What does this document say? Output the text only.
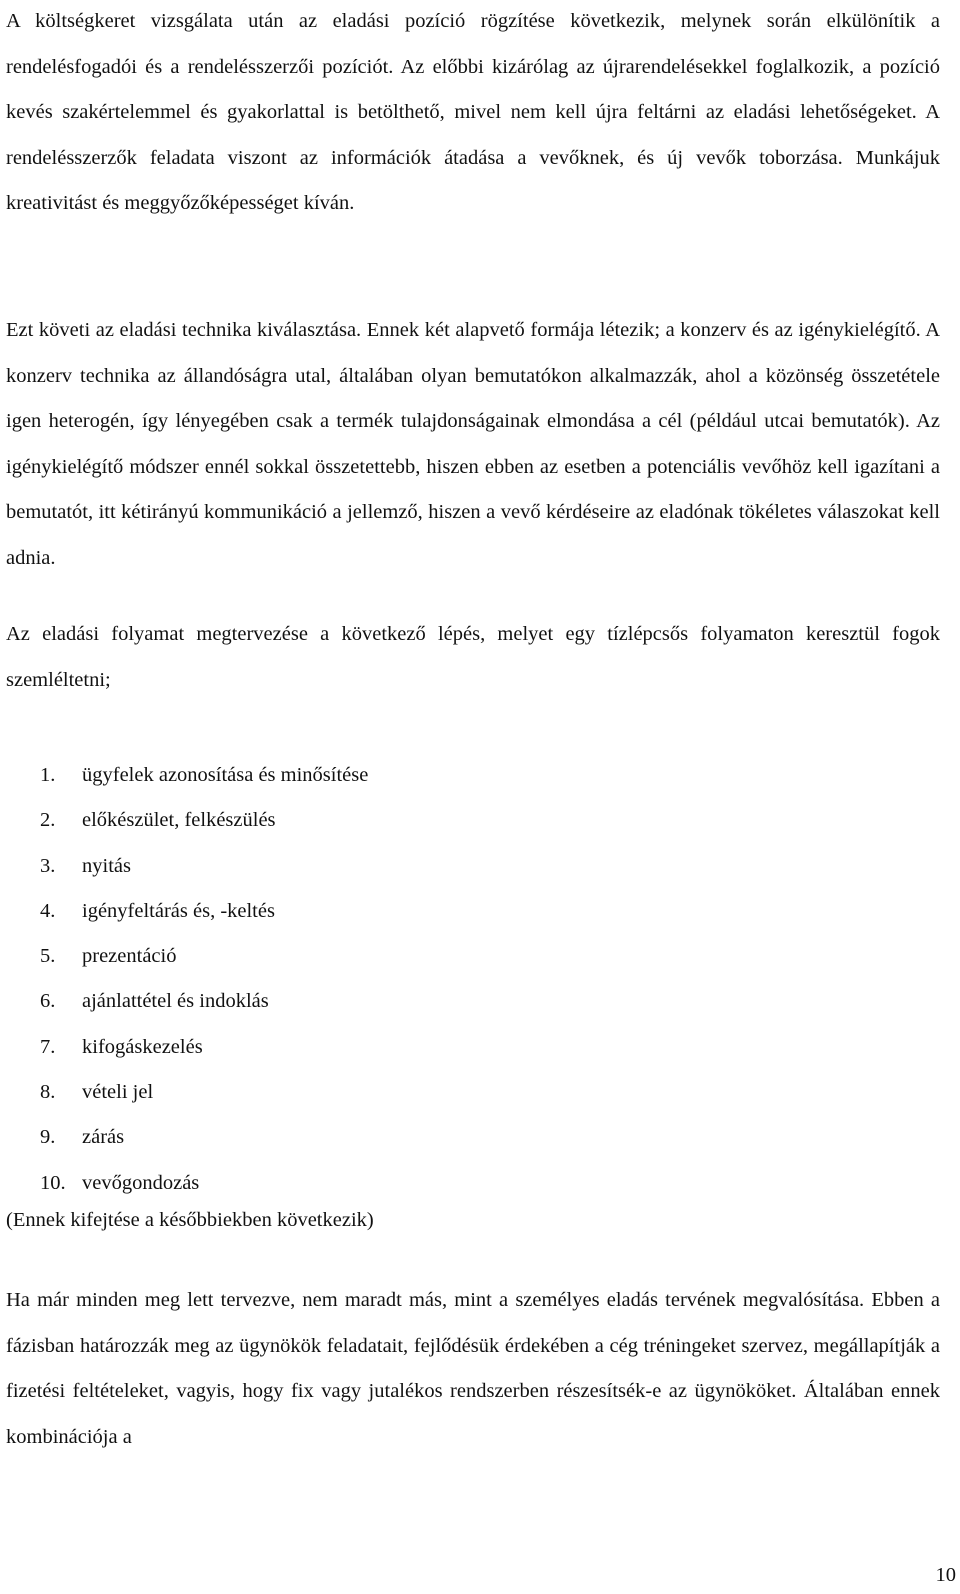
A költségkeret vizsgálata után az eladási pozíció rögzítése következik, melynek során elkülönítik a rendelésfogadói és a rendelésszerzői pozíciót. Az előbbi kizárólag az újrarendelésekkel foglalkozik, a pozíció kevés szakértelemmel és gyakorlattal is betölthető, mivel nem kell újra feltárni az eladási lehetőségeket. A rendelésszerzők feladata viszont az információk átadása a vevőknek, és új vevők toborzása. Munkájuk kreativitást és meggyőzőképességet kíván.

Ezt követi az eladási technika kiválasztása. Ennek két alapvető formája létezik; a konzerv és az igénykielégítő. A konzerv technika az állandóságra utal, általában olyan bemutatókon alkalmazzák, ahol a közönség összetétele igen heterogén, így lényegében csak a termék tulajdonságainak elmondása a cél (például utcai bemutatók). Az igénykielégítő módszer ennél sokkal összetettebb, hiszen ebben az esetben a potenciális vevőhöz kell igazítani a bemutatót, itt kétirányú kommunikáció a jellemző, hiszen a vevő kérdéseire az eladónak tökéletes válaszokat kell adnia.

Az eladási folyamat megtervezése a következő lépés, melyet egy tízlépcsős folyamaton keresztül fogok szemléltetni;

1.	ügyfelek azonosítása és minősítése
2.	előkészület, felkészülés
3.	nyitás
4.	igényfeltárás és, -keltés
5.	prezentáció
6.	ajánlattétel és indoklás
7.	kifogáskezelés
8.	vételi jel
9.	zárás
10. vevőgondozás
(Ennek kifejtése a későbbiekben következik)

Ha már minden meg lett tervezve, nem maradt más, mint a személyes eladás tervének megvalósítása. Ebben a fázisban határozzák meg az ügynökök feladatait, fejlődésük érdekében a cég tréningeket szervez, megállapítják a fizetési feltételeket, vagyis, hogy fix vagy jutalékos rendszerben részesítsék-e az ügynököket. Általában ennek kombinációja a

10
